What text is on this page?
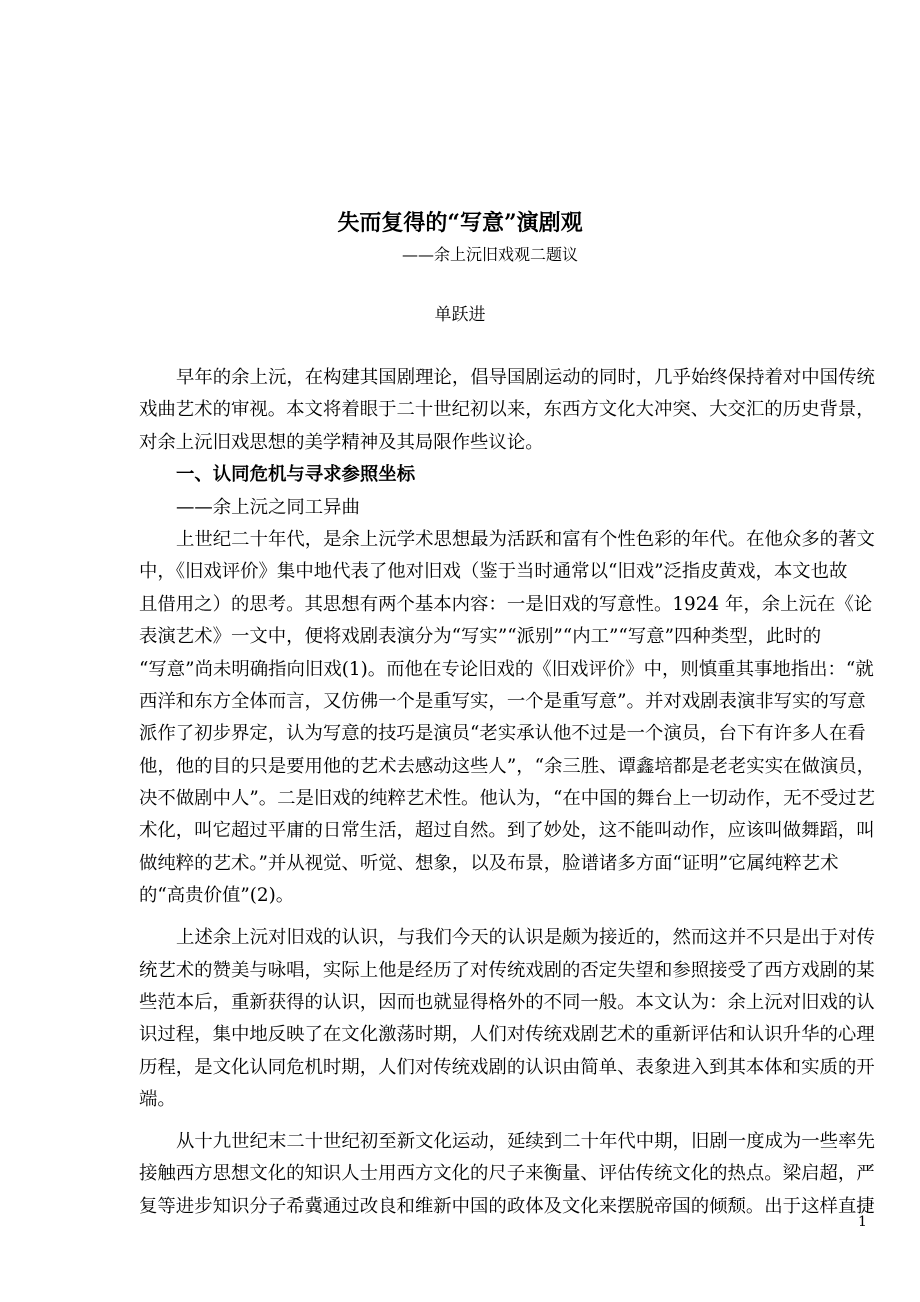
失而复得的“写意”演剧观
——余上沅旧戏观二题议
单跃进
早年的余上沅，在构建其国剧理论，倡导国剧运动的同时，几乎始终保持着对中国传统
戏曲艺术的审视。本文将着眼于二十世纪初以来，东西方文化大冲突、大交汇的历史背景，
对余上沅旧戏思想的美学精神及其局限作些议论。
一、认同危机与寻求参照坐标
——余上沅之同工异曲
上世纪二十年代，是余上沅学术思想最为活跃和富有个性色彩的年代。在他众多的著文
中，《旧戏评价》集中地代表了他对旧戏（鉴于当时通常以“旧戏”泛指皮黄戏，本文也故
且借用之）的思考。其思想有两个基本内容：一是旧戏的写意性。1924 年，余上沅在《论
表演艺术》一文中，便将戏剧表演分为“写实”“派别”“内工”“写意”四种类型，此时的
“写意”尚未明确指向旧戏(1)。而他在专论旧戏的《旧戏评价》中，则慎重其事地指出：“就
西洋和东方全体而言，又仿佛一个是重写实，一个是重写意”。并对戏剧表演非写实的写意
派作了初步界定，认为写意的技巧是演员“老实承认他不过是一个演员，台下有许多人在看
他，他的目的只是要用他的艺术去感动这些人”，“余三胜、谭鑫培都是老老实实在做演员，
决不做剧中人”。二是旧戏的纯粹艺术性。他认为，“在中国的舞台上一切动作，无不受过艺
术化，叫它超过平庸的日常生活，超过自然。到了妙处，这不能叫动作，应该叫做舞蹈，叫
做纯粹的艺术。”并从视觉、听觉、想象，以及布景，脸谱诸多方面“证明”它属纯粹艺术
的“高贵价值”(2)。
上述余上沅对旧戏的认识，与我们今天的认识是颇为接近的，然而这并不只是出于对传
统艺术的赞美与咏唱，实际上他是经历了对传统戏剧的否定失望和参照接受了西方戏剧的某
些范本后，重新获得的认识，因而也就显得格外的不同一般。本文认为：余上沅对旧戏的认
识过程，集中地反映了在文化激荡时期，人们对传统戏剧艺术的重新评估和认识升华的心理
历程，是文化认同危机时期，人们对传统戏剧的认识由简单、表象进入到其本体和实质的开
端。
从十九世纪末二十世纪初至新文化运动，延续到二十年代中期，旧剧一度成为一些率先
接触西方思想文化的知识人士用西方文化的尺子来衡量、评估传统文化的热点。梁启超，严
复等进步知识分子希冀通过改良和维新中国的政体及文化来摆脱帝国的倾颓。出于这样直捷
1
